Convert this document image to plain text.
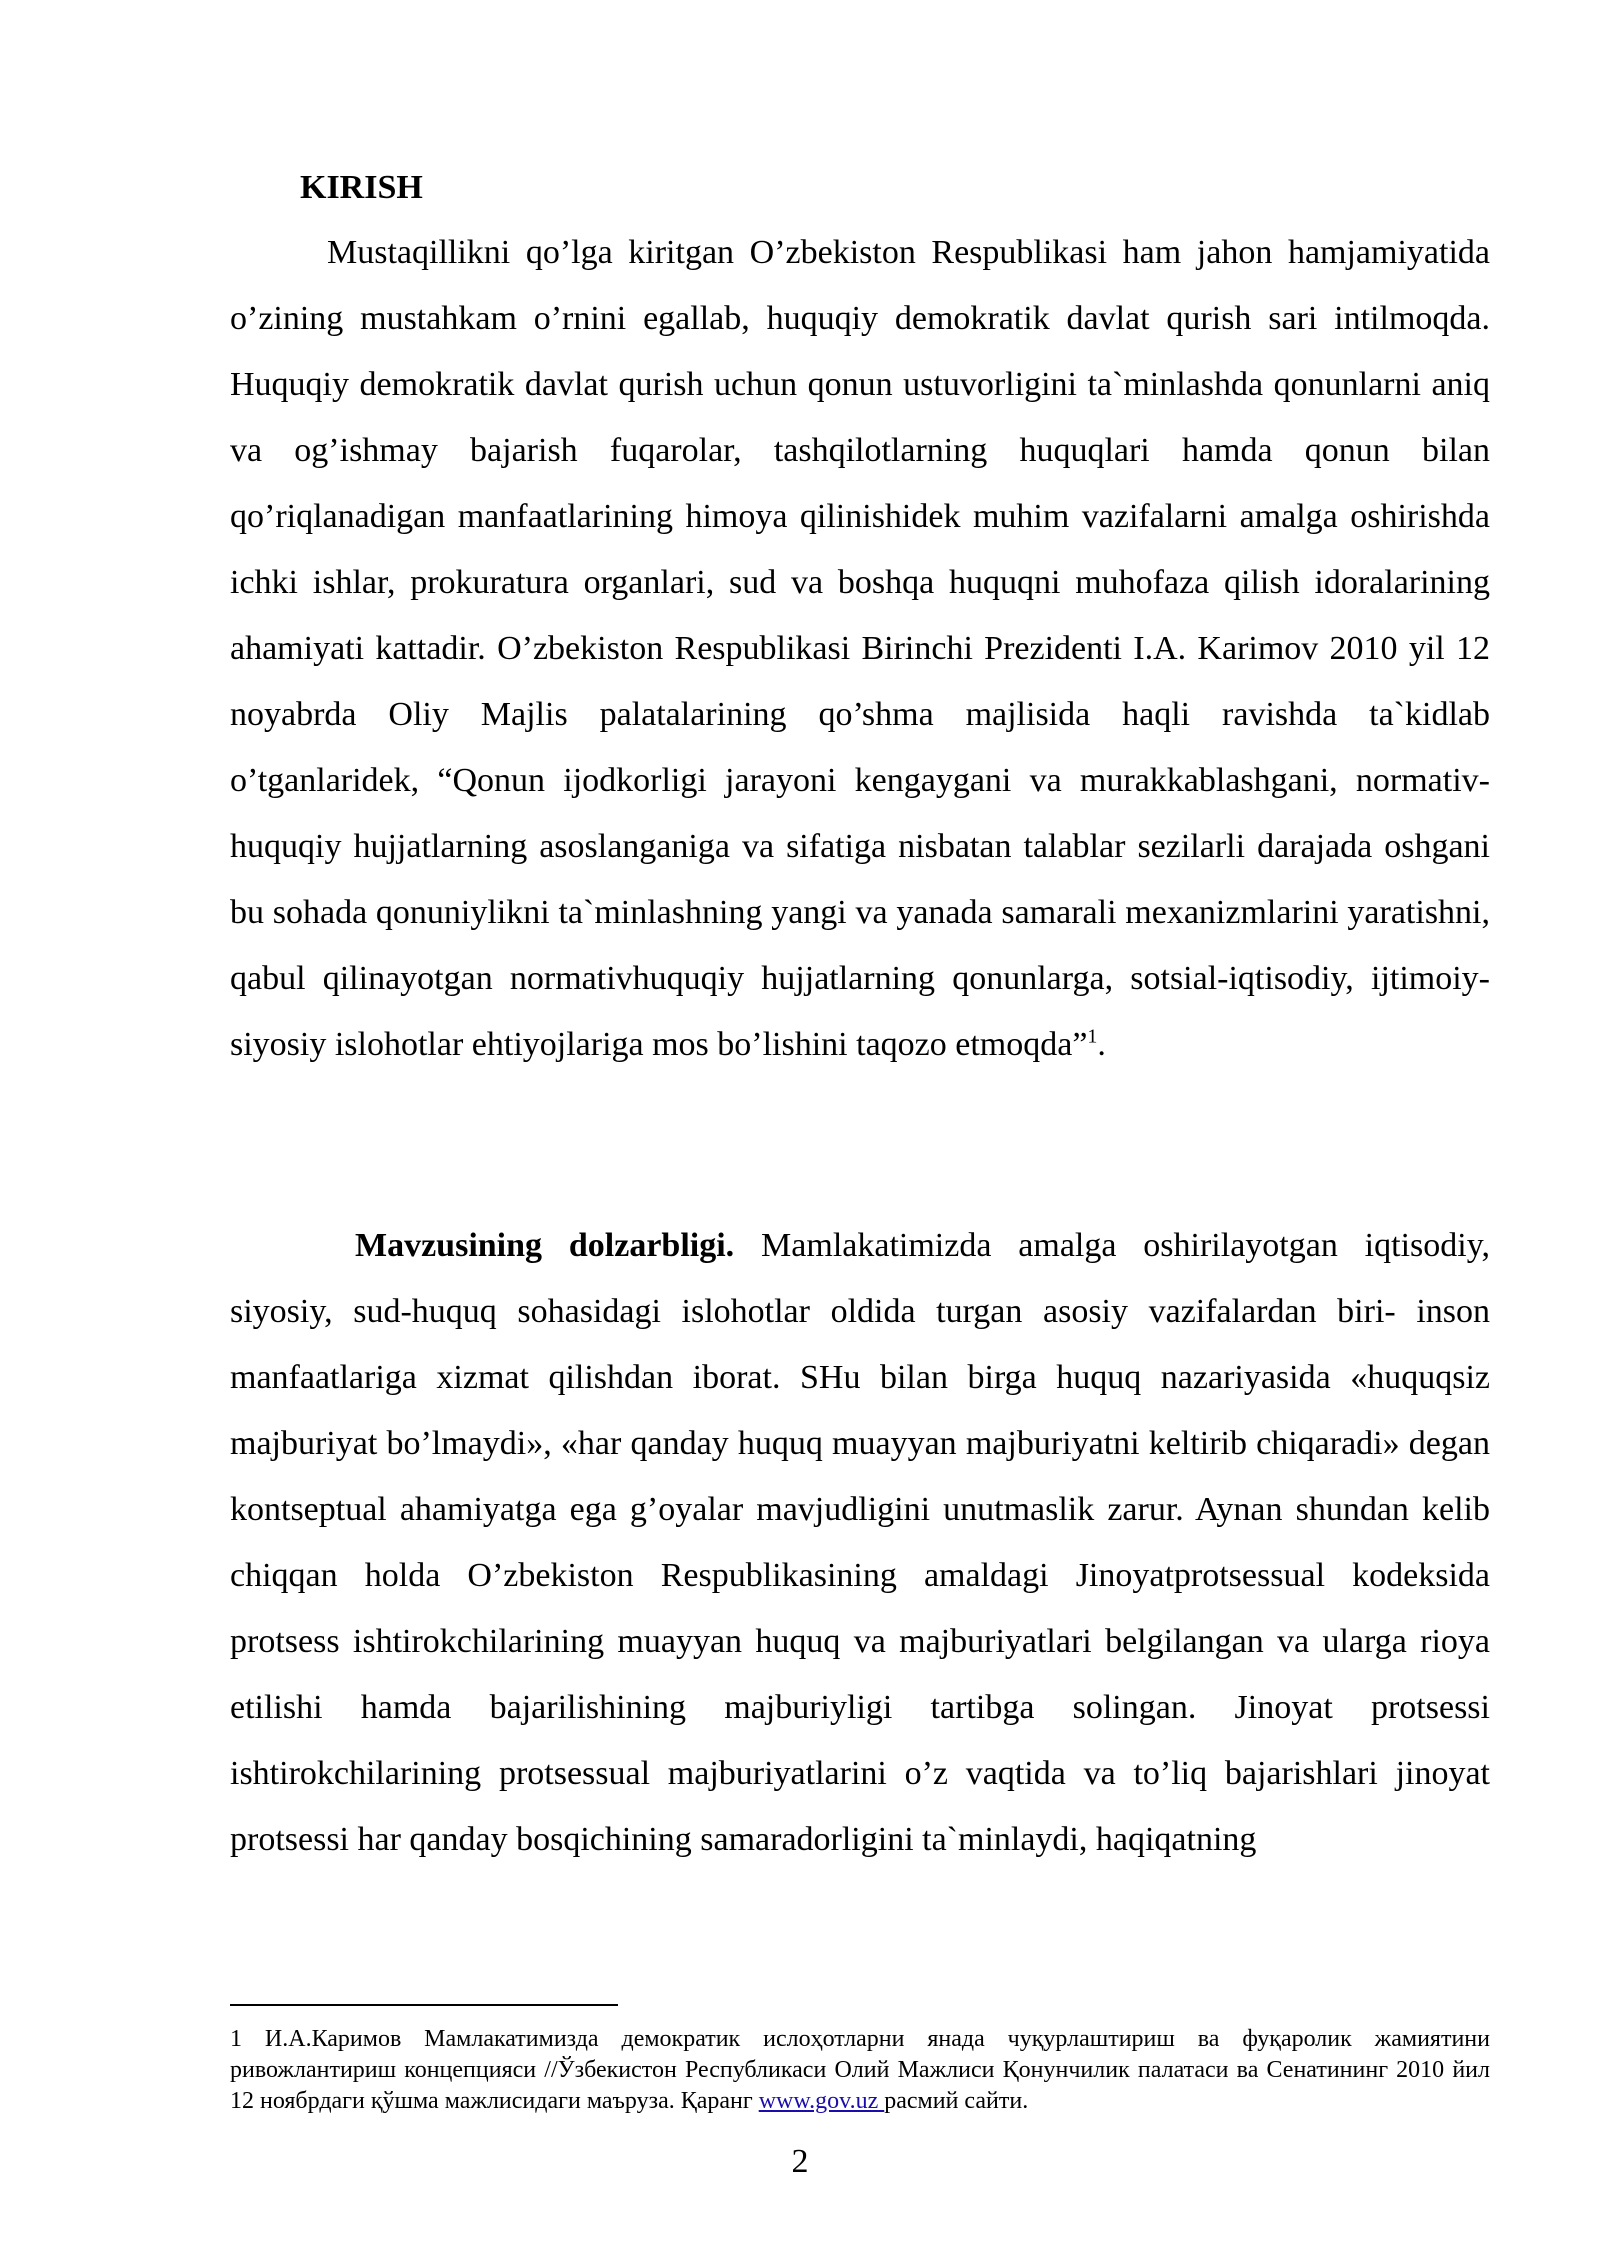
KIRISH

Mustaqillikni qo’lga kiritgan O’zbekiston Respublikasi ham jahon hamjamiyatida o’zining mustahkam o’rnini egallab, huquqiy demokratik davlat qurish sari intilmoqda. Huquqiy demokratik davlat qurish uchun qonun ustuvorligini ta`minlashda qonunlarni aniq va og’ishmay bajarish fuqarolar, tashqilotlarning huquqlari hamda qonun bilan qo’riqlanadigan manfaatlarining himoya qilinishidek muhim vazifalarni amalga oshirishda ichki ishlar, prokuratura organlari, sud va boshqa huquqni muhofaza qilish idoralarining ahamiyati kattadir. O’zbekiston Respublikasi Birinchi Prezidenti I.A. Karimov 2010 yil 12 noyabrda Oliy Majlis palatalarining qo’shma majlisida haqli ravishda ta`kidlab o’tganlaridek, “Qonun ijodkorligi jarayoni kengaygani va murakkablashgani, normativ-huquqiy hujjatlarning asoslanganiga va sifatiga nisbatan talablar sezilarli darajada oshgani bu sohada qonuniylikni ta`minlashning yangi va yanada samarali mexanizmlarini yaratishni, qabul qilinayotgan normativhuquqiy hujjatlarning qonunlarga, sotsial-iqtisodiy, ijtimoiy-siyosiy islohotlar ehtiyojlariga mos bo’lishini taqozo etmoqda”$^1$.

Mavzusining dolzarbligi. Mamlakatimizda amalga oshirilayotgan iqtisodiy, siyosiy, sud-huquq sohasidagi islohotlar oldida turgan asosiy vazifalardan biri- inson manfaatlariga xizmat qilishdan iborat. SHu bilan birga huquq nazariyasida «huquqsiz majburiyat bo’lmaydi», «har qanday huquq muayyan majburiyatni keltirib chiqaradi» degan kontseptual ahamiyatga ega g’oyalar mavjudligini unutmaslik zarur. Aynan shundan kelib chiqqan holda O’zbekiston Respublikasining amaldagi Jinoyatprotsessual kodeksida protsess ishtirokchilarining muayyan huquq va majburiyatlari belgilangan va ularga rioya etilishi hamda bajarilishining majburiyligi tartibga solingan. Jinoyat protsessi ishtirokchilarining protsessual majburiyatlarini o’z vaqtida va to’liq bajarishlari jinoyat protsessi har qanday bosqichining samaradorligini ta`minlaydi, haqiqatning

1 И.А.Каримов Мамлакатимизда демократик ислоҳотларни янада чуқурлаштириш ва фуқаролик жамиятини ривожлантириш концепцияси //Ўзбекистон Республикаси Олий Мажлиси Қонунчилик палатаси ва Сенатининг 2010 йил 12 ноябрдаги қўшма мажлисидаги маъруза. Қаранг www.gov.uz расмий сайти.

2
